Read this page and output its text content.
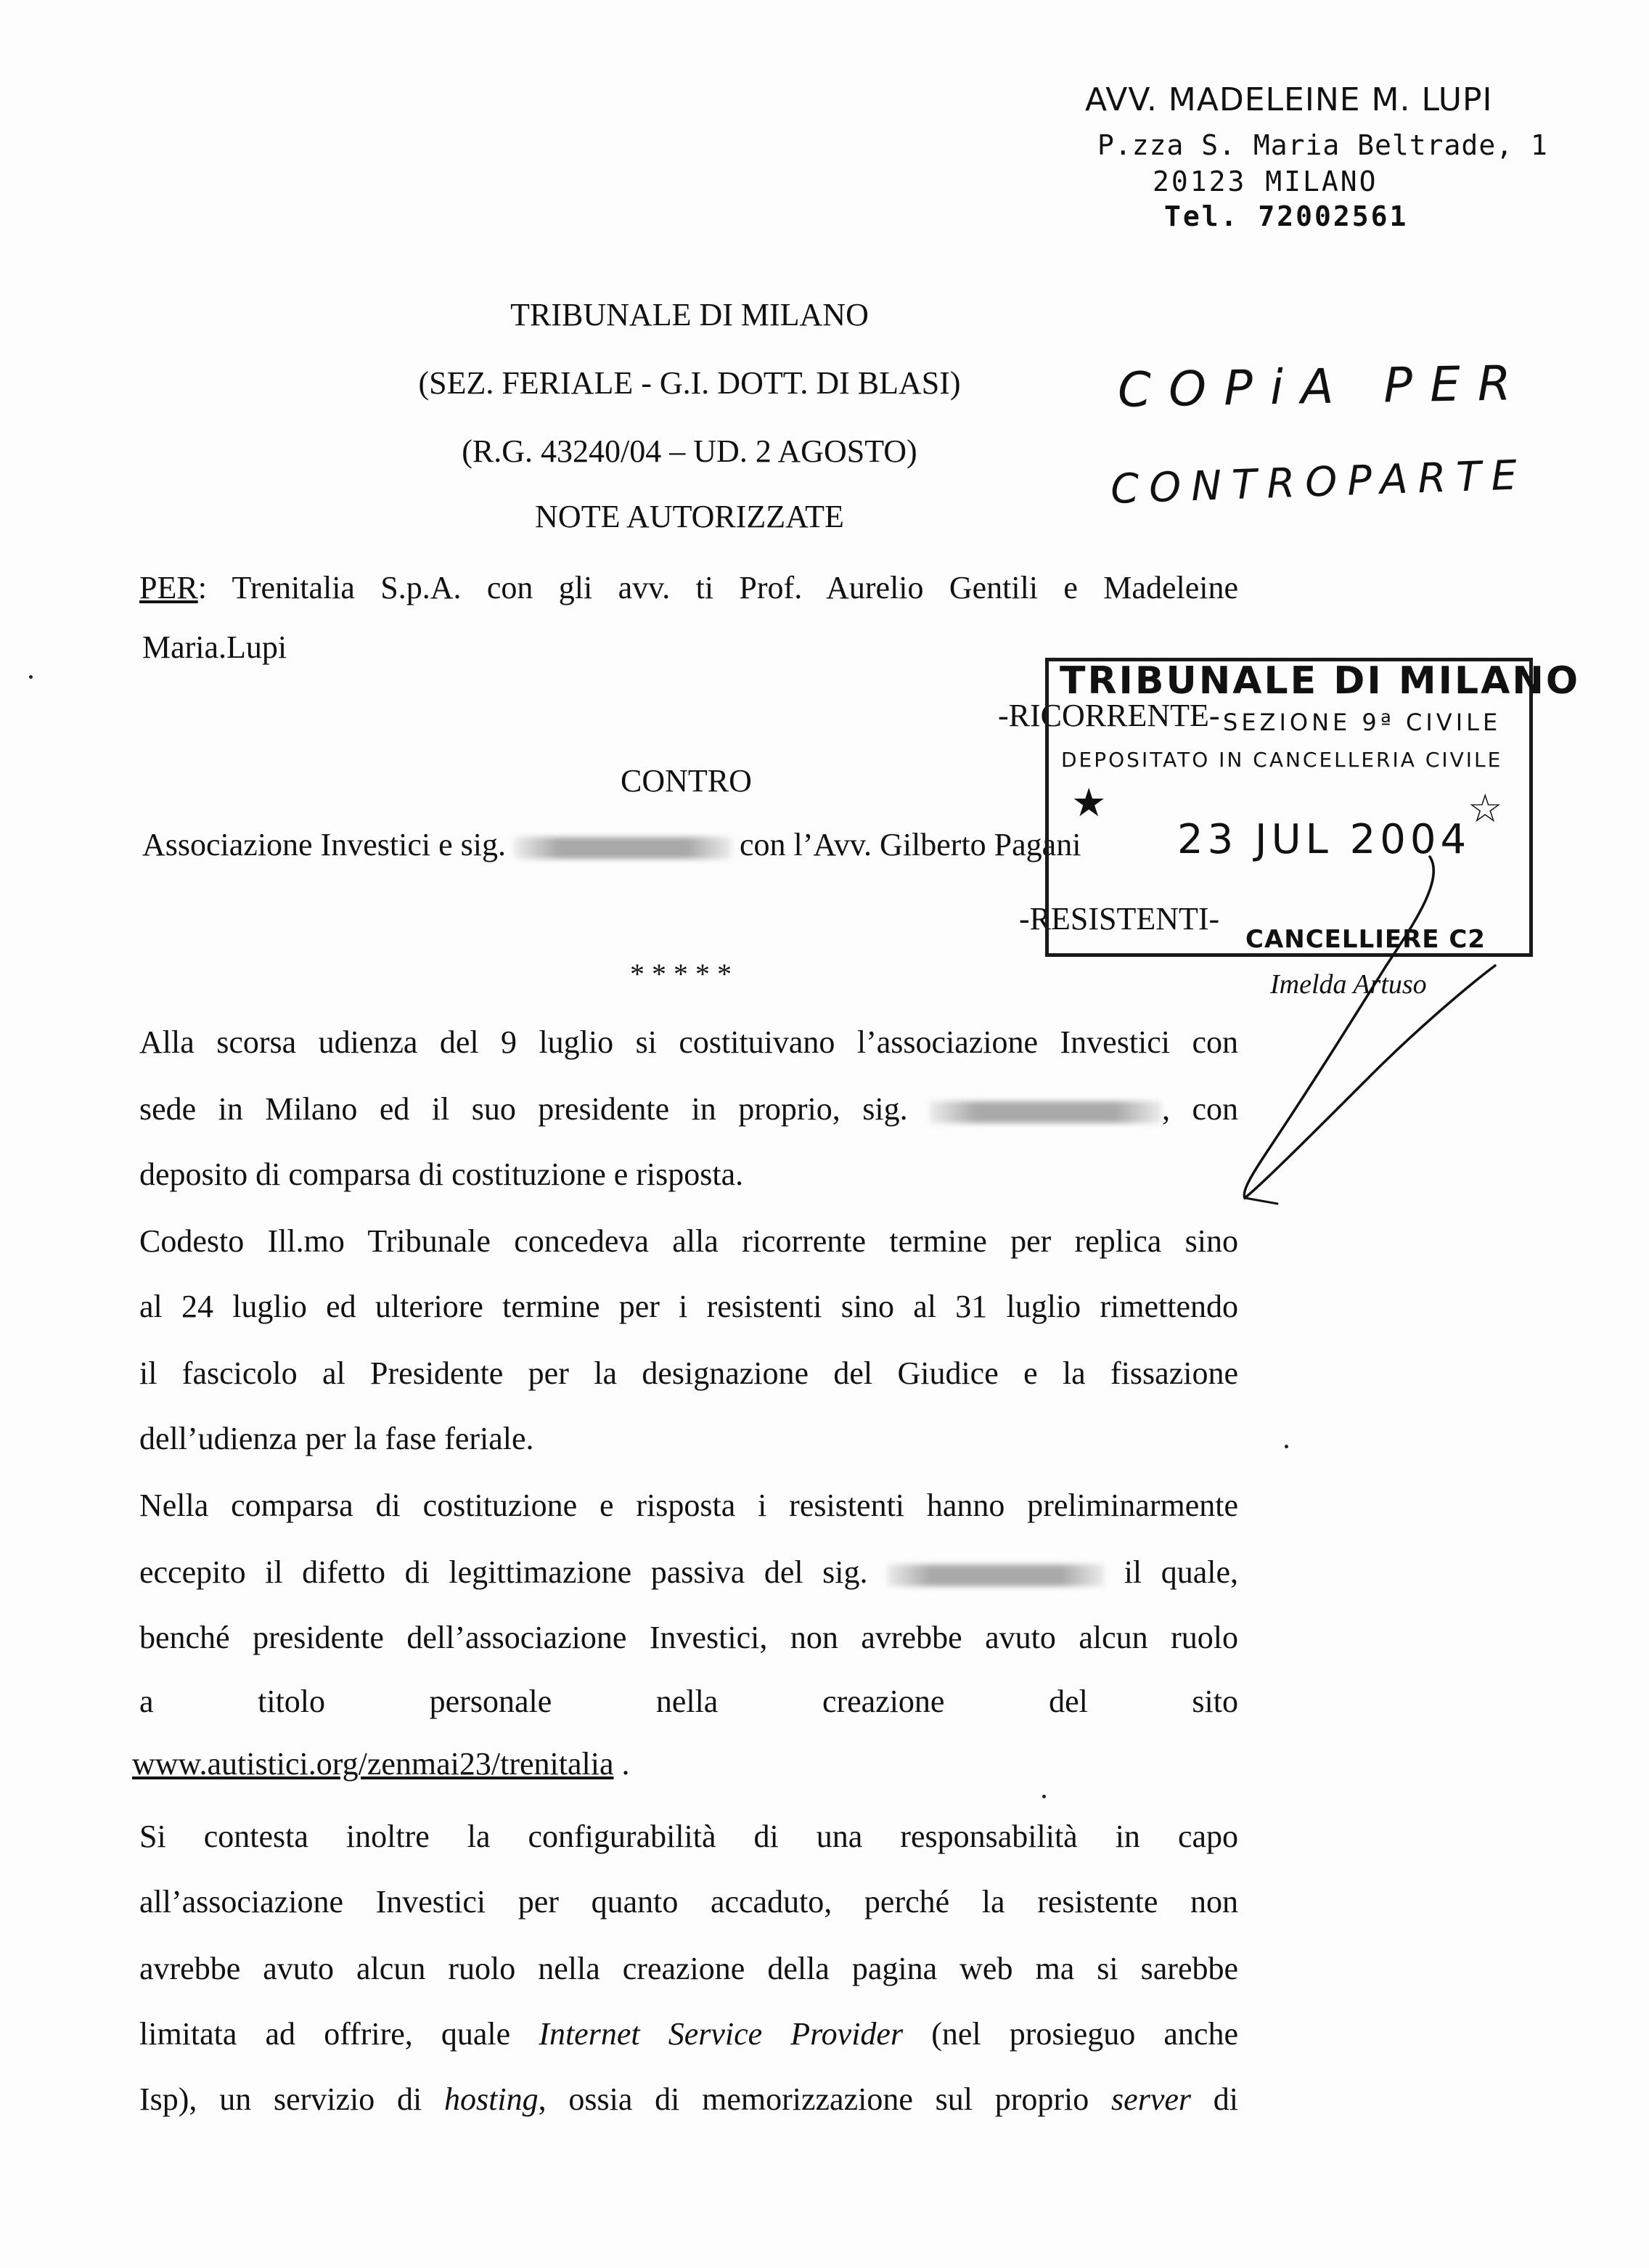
AVV. MADELEINE M. LUPI
P.zza S. Maria Beltrade, 1
20123 MILANO
Tel. 72002561
TRIBUNALE DI MILANO
(SEZ. FERIALE - G.I. DOTT. DI BLASI)
(R.G. 43240/04 – UD. 2 AGOSTO)
NOTE AUTORIZZATE
COPiA PER
CONTROPARTE
PER: Trenitalia S.p.A. con gli avv. ti Prof. Aurelio Gentili e Madeleine
Maria.Lupi
-RICORRENTE-
CONTRO
Associazione Investici e sig.	con l’Avv. Gilberto Pagani
-RESISTENTI-
* * * * *
TRIBUNALE DI MILANO
SEZIONE 9ª CIVILE
DEPOSITATO IN CANCELLERIA CIVILE
★	☆
23 JUL 2004
CANCELLIERE C2
Imelda Artuso
Alla scorsa udienza del 9 luglio si costituivano l’associazione Investici con
sede in Milano ed il suo presidente in proprio, sig.	, con
deposito di comparsa di costituzione e risposta.
Codesto Ill.mo Tribunale concedeva alla ricorrente termine per replica sino
al 24 luglio ed ulteriore termine per i resistenti sino al 31 luglio rimettendo
il fascicolo al Presidente per la designazione del Giudice e la fissazione
dell’udienza per la fase feriale.
Nella comparsa di costituzione e risposta i resistenti hanno preliminarmente
eccepito il difetto di legittimazione passiva del sig.	il quale,
benché presidente dell’associazione Investici, non avrebbe avuto alcun ruolo
a titolo personale nella creazione del sito
www.autistici.org/zenmai23/trenitalia .
Si contesta inoltre la configurabilità di una responsabilità in capo
all’associazione Investici per quanto accaduto, perché la resistente non
avrebbe avuto alcun ruolo nella creazione della pagina web ma si sarebbe
limitata ad offrire, quale Internet Service Provider (nel prosieguo anche
Isp), un servizio di hosting, ossia di memorizzazione sul proprio server di
